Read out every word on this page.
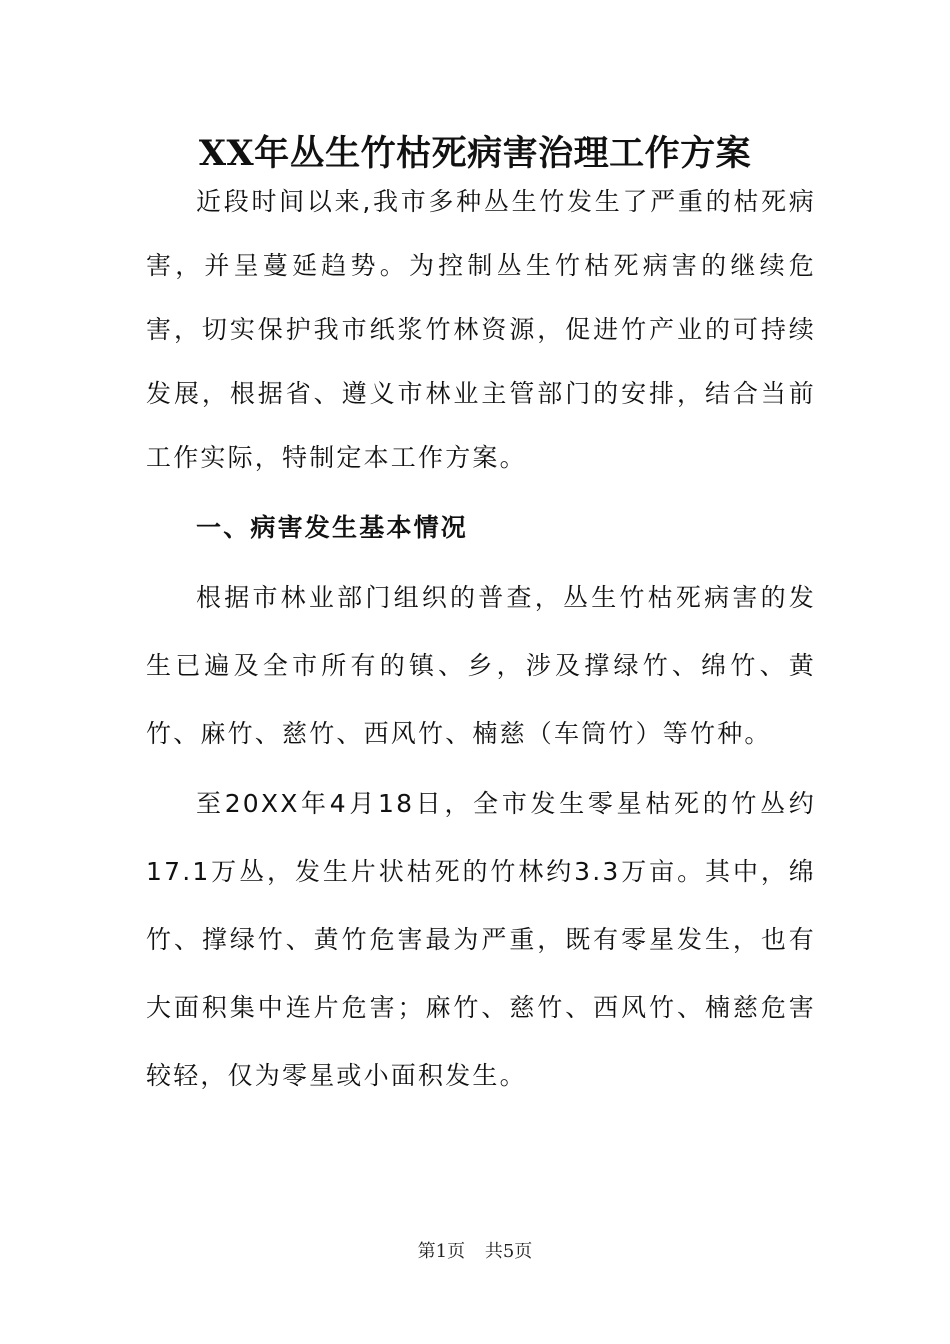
XX年丛生竹枯死病害治理工作方案

近段时间以来,我市多种丛生竹发生了严重的枯死病害，并呈蔓延趋势。为控制丛生竹枯死病害的继续危害，切实保护我市纸浆竹林资源，促进竹产业的可持续发展，根据省、遵义市林业主管部门的安排，结合当前工作实际，特制定本工作方案。

一、病害发生基本情况

根据市林业部门组织的普查，丛生竹枯死病害的发生已遍及全市所有的镇、乡，涉及撑绿竹、绵竹、黄竹、麻竹、慈竹、西风竹、楠慈（车筒竹）等竹种。

至20XX年4月18日，全市发生零星枯死的竹丛约17.1万丛，发生片状枯死的竹林约3.3万亩。其中，绵竹、撑绿竹、黄竹危害最为严重，既有零星发生，也有大面积集中连片危害；麻竹、慈竹、西风竹、楠慈危害较轻，仅为零星或小面积发生。

第1页 共5页
